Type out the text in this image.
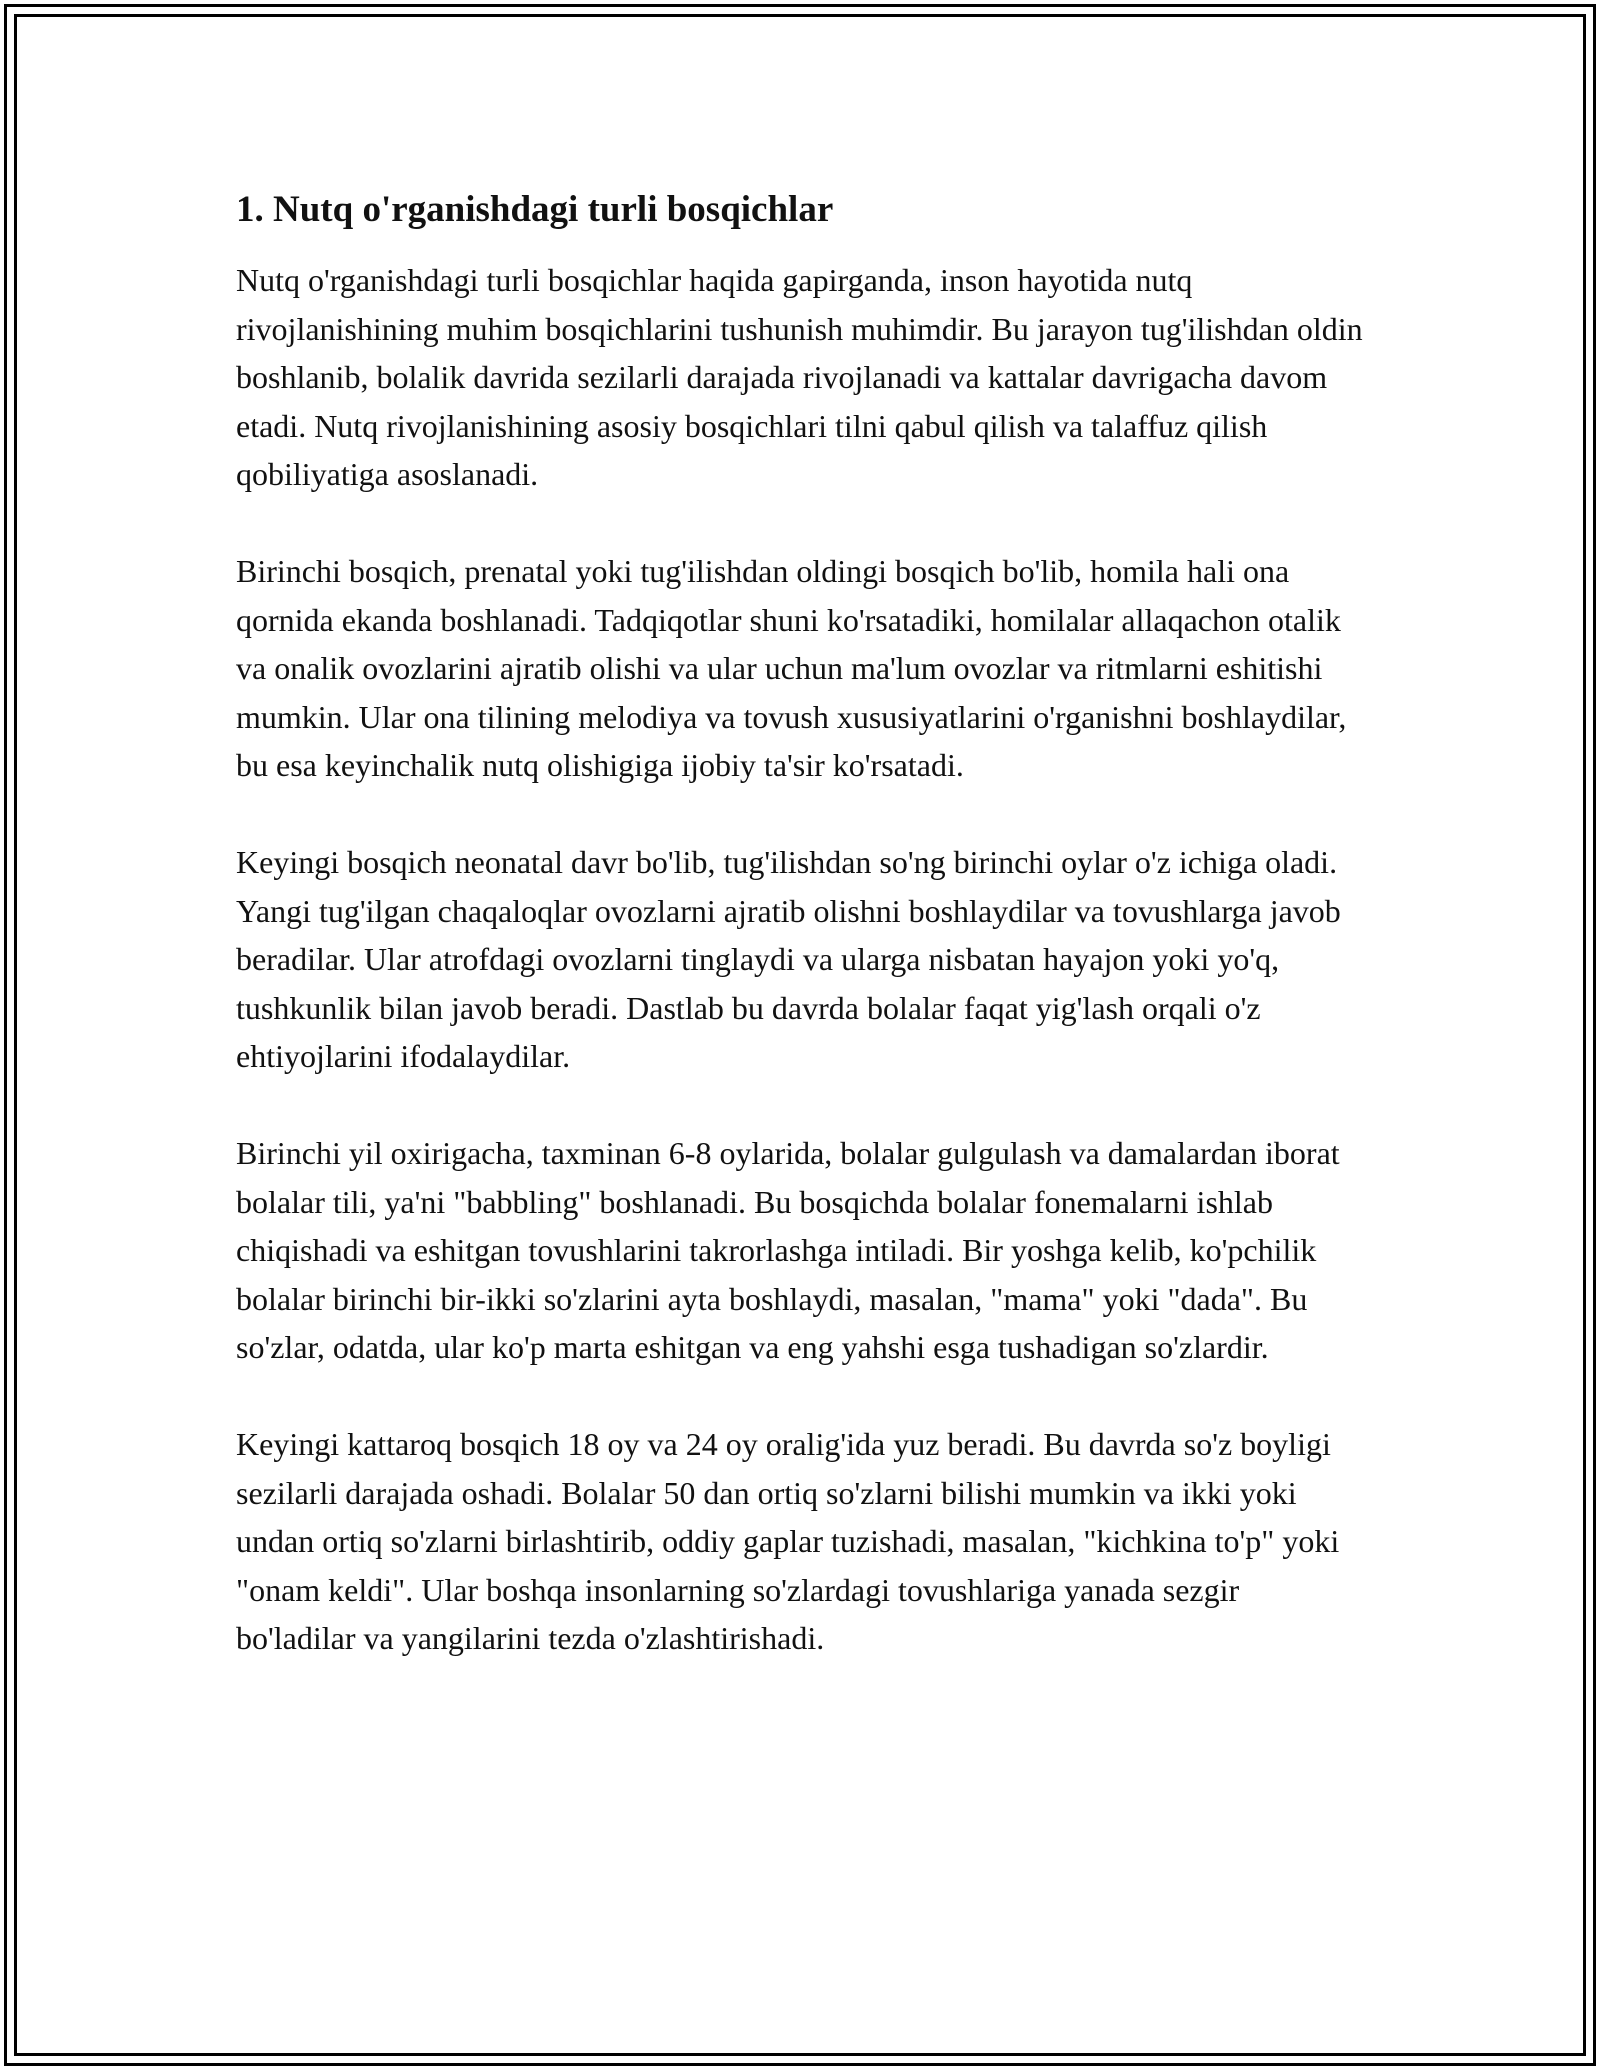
1. Nutq o'rganishdagi turli bosqichlar

Nutq o'rganishdagi turli bosqichlar haqida gapirganda, inson hayotida nutq rivojlanishining muhim bosqichlarini tushunish muhimdir. Bu jarayon tug'ilishdan oldin boshlanib, bolalik davrida sezilarli darajada rivojlanadi va kattalar davrigacha davom etadi. Nutq rivojlanishining asosiy bosqichlari tilni qabul qilish va talaffuz qilish qobiliyatiga asoslanadi.

Birinchi bosqich, prenatal yoki tug'ilishdan oldingi bosqich bo'lib, homila hali ona qornida ekanda boshlanadi. Tadqiqotlar shuni ko'rsatadiki, homilalar allaqachon otalik va onalik ovozlarini ajratib olishi va ular uchun ma'lum ovozlar va ritmlarni eshitishi mumkin. Ular ona tilining melodiya va tovush xususiyatlarini o'rganishni boshlaydilar, bu esa keyinchalik nutq olishigiga ijobiy ta'sir ko'rsatadi.

Keyingi bosqich neonatal davr bo'lib, tug'ilishdan so'ng birinchi oylar o'z ichiga oladi. Yangi tug'ilgan chaqaloqlar ovozlarni ajratib olishni boshlaydilar va tovushlarga javob beradilar. Ular atrofdagi ovozlarni tinglaydi va ularga nisbatan hayajon yoki yo'q, tushkunlik bilan javob beradi. Dastlab bu davrda bolalar faqat yig'lash orqali o'z ehtiyojlarini ifodalaydilar.

Birinchi yil oxirigacha, taxminan 6-8 oylarida, bolalar gulgulash va damalardan iborat bolalar tili, ya'ni "babbling" boshlanadi. Bu bosqichda bolalar fonemalarni ishlab chiqishadi va eshitgan tovushlarini takrorlashga intiladi. Bir yoshga kelib, ko'pchilik bolalar birinchi bir-ikki so'zlarini ayta boshlaydi, masalan, "mama" yoki "dada". Bu so'zlar, odatda, ular ko'p marta eshitgan va eng yahshi esga tushadigan so'zlardir.

Keyingi kattaroq bosqich 18 oy va 24 oy oralig'ida yuz beradi. Bu davrda so'z boyligi sezilarli darajada oshadi. Bolalar 50 dan ortiq so'zlarni bilishi mumkin va ikki yoki undan ortiq so'zlarni birlashtirib, oddiy gaplar tuzishadi, masalan, "kichkina to'p" yoki "onam keldi". Ular boshqa insonlarning so'zlardagi tovushlariga yanada sezgir bo'ladilar va yangilarini tezda o'zlashtirishadi.
